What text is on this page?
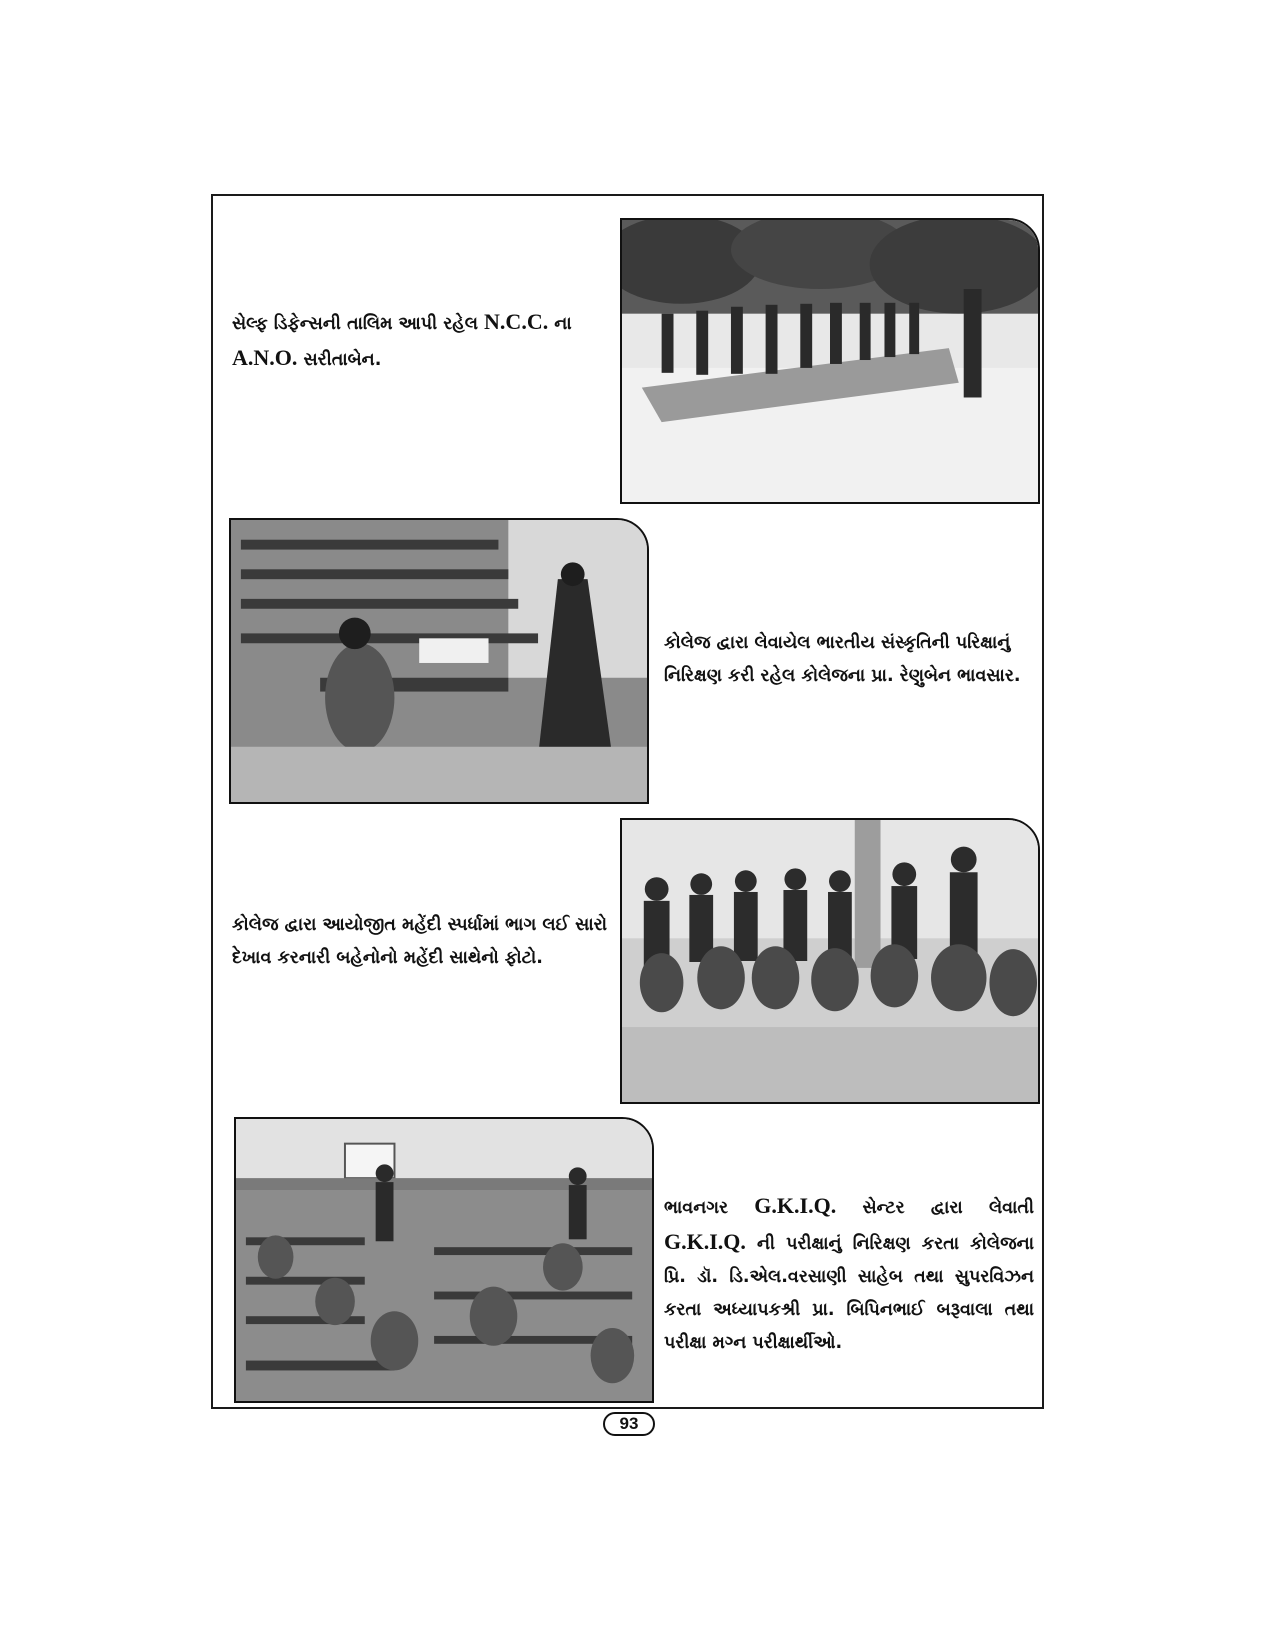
સેલ્ફ ડિફેન્સની તાલિમ આપી રહેલ N.C.C. ના
A.N.O. સરીતાબેન.
કોલેજ દ્વારા લેવાયેલ ભારતીય સંસ્કૃતિની પરિક્ષાનું
નિરિક્ષણ કરી રહેલ કોલેજના પ્રા. રેણુબેન ભાવસાર.
કોલેજ દ્વારા આયોજીત મહેંદી સ્પર્ધામાં ભાગ લઈ સારો
દેખાવ કરનારી બહેનોનો મહેંદી સાથેનો ફોટો.
ભાવનગર G.K.I.Q. સેન્ટર દ્વારા લેવાતી G.K.I.Q. ની પરીક્ષાનું નિરિક્ષણ કરતા કોલેજના પ્રિ. ડૉ. ડિ.એલ.વરસાણી સાહેબ તથા સુપરવિઝન કરતા અધ્યાપકશ્રી પ્રા. બિપિનભાઈ બરૂવાલા તથા પરીક્ષા મગ્ન પરીક્ષાર્થીઓ.
93
